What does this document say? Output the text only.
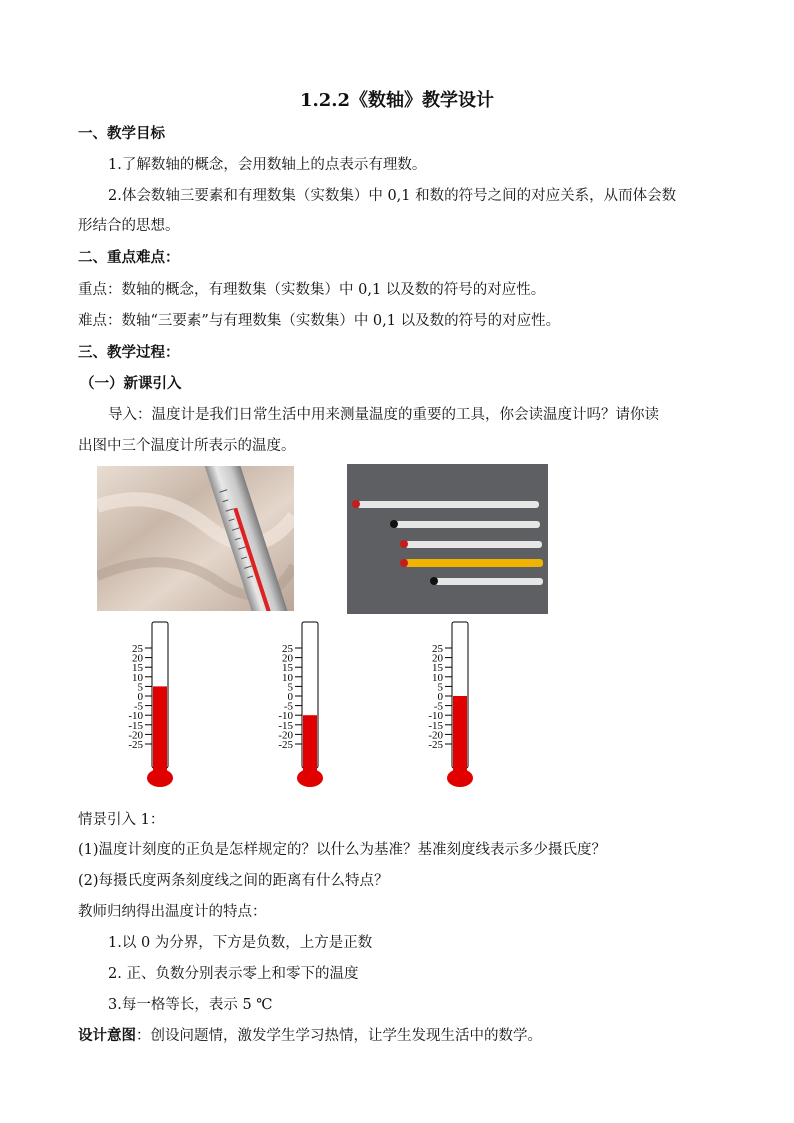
1.2.2《数轴》教学设计
一、教学目标
1.了解数轴的概念，会用数轴上的点表示有理数。
2.体会数轴三要素和有理数集（实数集）中 0,1 和数的符号之间的对应关系，从而体会数
形结合的思想。
二、重点难点：
重点：数轴的概念，有理数集（实数集）中 0,1 以及数的符号的对应性。
难点：数轴“三要素”与有理数集（实数集）中 0,1 以及数的符号的对应性。
三、教学过程：
（一）新课引入
导入：温度计是我们日常生活中用来测量温度的重要的工具，你会读温度计吗？请你读
出图中三个温度计所表示的温度。
25
20
15
10
5
0
-5
-10
-15
-20
-25
25
20
15
10
5
0
-5
-10
-15
-20
-25
25
20
15
10
5
0
-5
-10
-15
-20
-25
情景引入 1：
(1)温度计刻度的正负是怎样规定的？以什么为基准？基准刻度线表示多少摄氏度？
(2)每摄氏度两条刻度线之间的距离有什么特点？
教师归纳得出温度计的特点：
1.以 0 为分界，下方是负数，上方是正数
2. 正、负数分别表示零上和零下的温度
3.每一格等长，表示 5 ℃
设计意图：创设问题情，激发学生学习热情，让学生发现生活中的数学。
